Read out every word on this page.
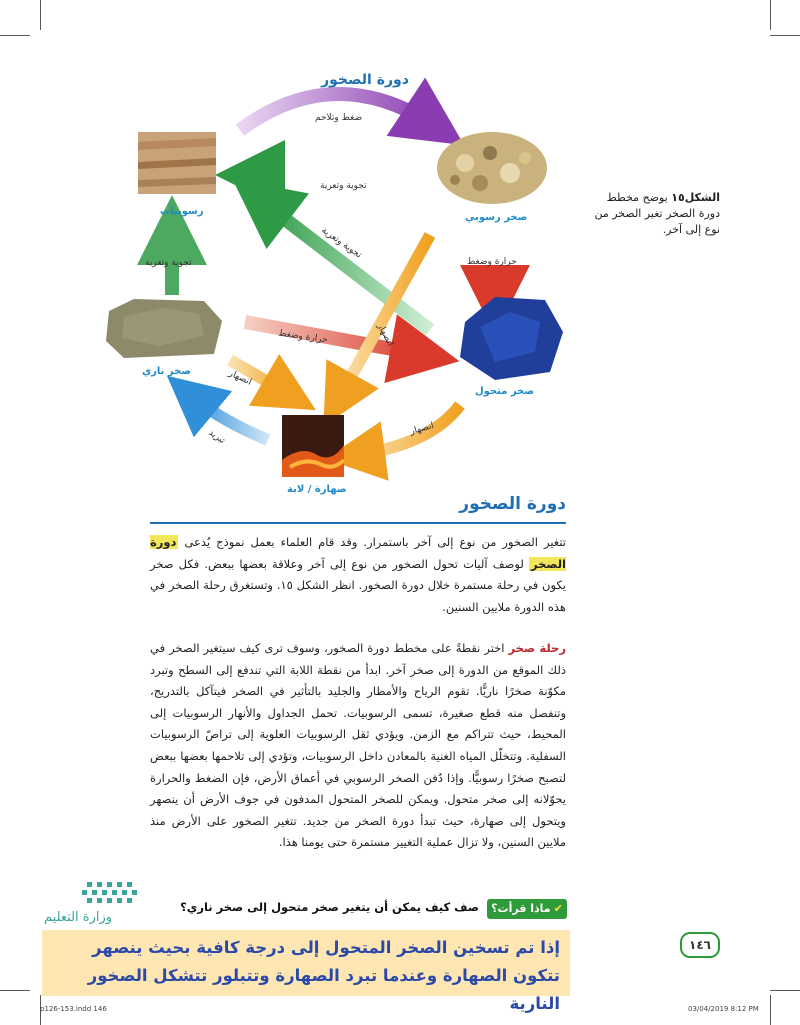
دورة الصخور
رسوبيات
صخر رسوبي
صخر ناري
صخر متحول
صهارة / لابة
ضغط وتلاحم
تجوية وتعرية
تجوية وتعرية
تجوية وتعرية	حرارة وضغط
حرارة وضغط	انصهار
انصهار
انصهار
تبريد
الشكل١٥ يوضح مخطط دورة الصخر تغير الصخر من نوع إلى آخر.
دورة الصخور
تتغير الصخور من نوع إلى آخر باستمرار. وقد قام العلماء بعمل نموذج يُدعى دورة الصخر لوصف آليات تحول الصخور من نوع إلى آخر وعلاقة بعضها ببعض. فكل صخر يكون في رحلة مستمرة خلال دورة الصخور. انظر الشكل ١٥. وتستغرق رحلة الصخر في هذه الدورة ملايين السنين.
رحلة صخر اختر نقطةً على مخطط دورة الصخور، وسوف ترى كيف سيتغير الصخر في ذلك الموقع من الدورة إلى صخر آخر. ابدأ من نقطة اللابة التي تندفع إلى السطح وتبرد مكوّنة صخرًا ناريًّا. تقوم الرياح والأمطار والجليد بالتأثير في الصخر فيتآكل بالتدريج، وتنفصل منه قطع صغيرة، تسمى الرسوبيات. تحمل الجداول والأنهار الرسوبيات إلى المحيط، حيث تتراكم مع الزمن. ويؤدي ثقل الرسوبيات العلوية إلى تراصّ الرسوبيات السفلية. وتتخلّل المياه الغنية بالمعادن داخل الرسوبيات، وتؤدي إلى تلاحمها بعضها ببعض لتصبح صخرًا رسوبيًّا. وإذا دُفن الصخر الرسوبي في أعماق الأرض، فإن الضغط والحرارة يحوّلانه إلى صخر متحول. ويمكن للصخر المتحول المدفون في جوف الأرض أن ينصهر ويتحول إلى صهارة، حيث تبدأ دورة الصخر من جديد. تتغير الصخور على الأرض منذ ملايين السنين، ولا تزال عملية التغيير مستمرة حتى يومنا هذا.
وزارة التعليم
✔ماذا قرأت؟
صف كيف يمكن أن يتغير صخر متحول إلى صخر ناري؟
إذا تم تسخين الصخر المتحول إلى درجة كافية بحيث ينصهر تتكون الصهارة وعندما تبرد الصهارة وتتبلور تتشكل الصخور النارية
١٤٦
p126-153.indd 146	03/04/2019 8:12 PM
